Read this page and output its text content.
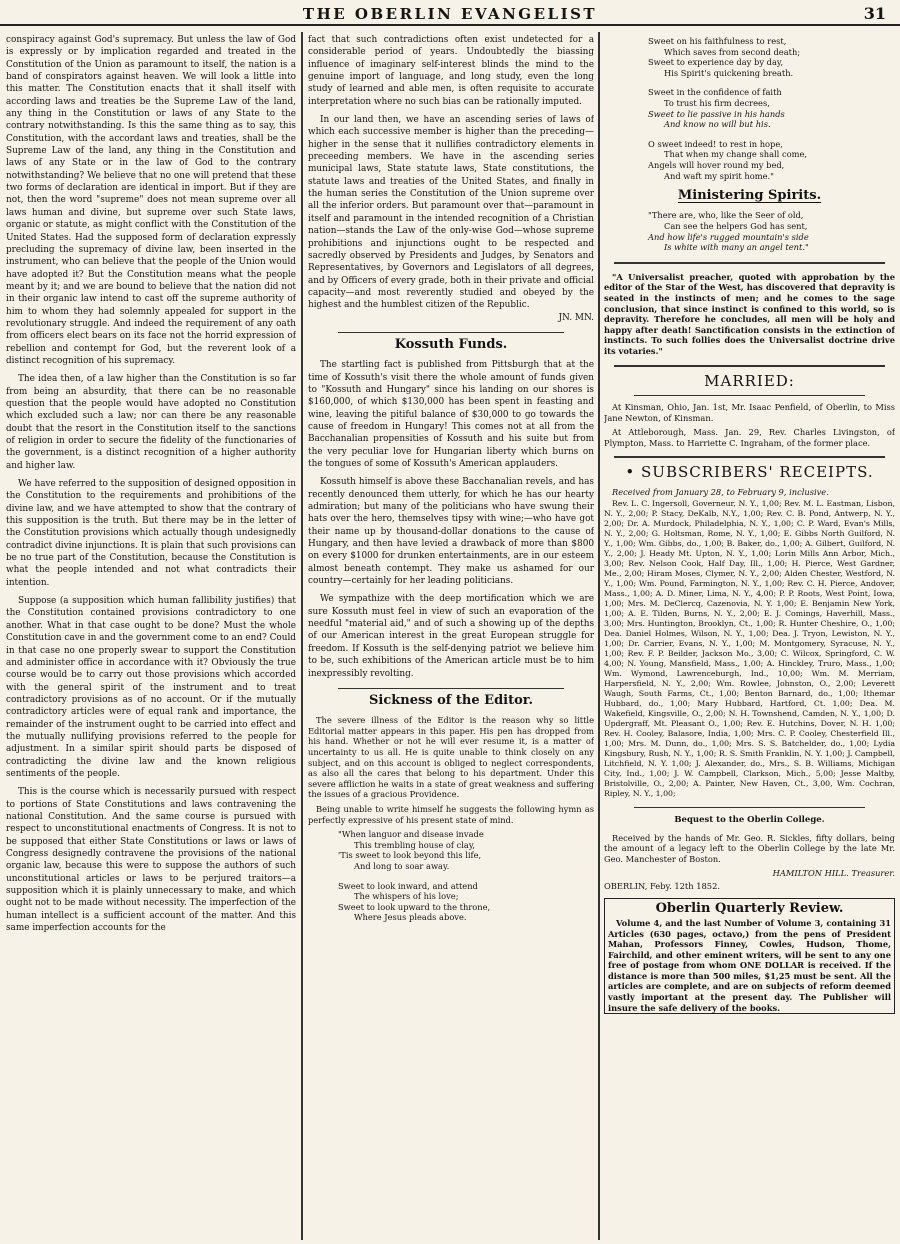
THE OBERLIN EVANGELIST	31

conspiracy against God's supremacy. But unless the law of God is expressly or by implication regarded and treated in the Constitution of the Union as paramount to itself, the nation is a band of conspirators against heaven. We will look a little into this matter. The Constitution enacts that it shall itself with according laws and treaties be the Supreme Law of the land, any thing in the Constitution or laws of any State to the contrary notwithstanding. Is this the same thing as to say, this Constitution, with the accordant laws and treaties, shall be the Supreme Law of the land, any thing in the Constitution and laws of any State or in the law of God to the contrary notwithstanding? We believe that no one will pretend that these two forms of declaration are identical in import. But if they are not, then the word "supreme" does not mean supreme over all laws human and divine, but supreme over such State laws, organic or statute, as might conflict with the Constitution of the United States. Had the supposed form of declaration expressly precluding the supremacy of divine law, been inserted in the instrument, who can believe that the people of the Union would have adopted it? But the Constitution means what the people meant by it; and we are bound to believe that the nation did not in their organic law intend to cast off the supreme authority of him to whom they had solemnly appealed for support in the revolutionary struggle. And indeed the requirement of any oath from officers elect bears on its face not the horrid expression of rebellion and contempt for God, but the reverent look of a distinct recognition of his supremacy.

The idea then, of a law higher than the Constitution is so far from being an absurdity, that there can be no reasonable question that the people would have adopted no Constitution which excluded such a law; nor can there be any reasonable doubt that the resort in the Constitution itself to the sanctions of religion in order to secure the fidelity of the functionaries of the government, is a distinct recognition of a higher authority and higher law.

We have referred to the supposition of designed opposition in the Constitution to the requirements and prohibitions of the divine law, and we have attempted to show that the contrary of this supposition is the truth. But there may be in the letter of the Constitution provisions which actually though undesignedly contradict divine injunctions. It is plain that such provisions can be no true part of the Constitution, because the Constitution is what the people intended and not what contradicts their intention.

Suppose (a supposition which human fallibility justifies) that the Constitution contained provisions contradictory to one another. What in that case ought to be done? Must the whole Constitution cave in and the government come to an end? Could in that case no one properly swear to support the Constitution and administer office in accordance with it? Obviously the true course would be to carry out those provisions which accorded with the general spirit of the instrument and to treat contradictory provisions as of no account. Or if the mutually contradictory articles were of equal rank and importance, the remainder of the instrument ought to be carried into effect and the mutually nullifying provisions referred to the people for adjustment. In a similar spirit should parts be disposed of contradicting the divine law and the known religious sentiments of the people.

This is the course which is necessarily pursued with respect to portions of State Constitutions and laws contravening the national Constitution. And the same course is pursued with respect to unconstitutional enactments of Congress. It is not to be supposed that either State Constitutions or laws or laws of Congress designedly contravene the provisions of the national organic law, because this were to suppose the authors of such unconstitutional articles or laws to be perjured traitors—a supposition which it is plainly unnecessary to make, and which ought not to be made without necessity. The imperfection of the human intellect is a sufficient account of the matter. And this same imperfection accounts for the

fact that such contradictions often exist undetected for a considerable period of years. Undoubtedly the biassing influence of imaginary self-interest blinds the mind to the genuine import of language, and long study, even the long study of learned and able men, is often requisite to accurate interpretation where no such bias can be rationally imputed.

In our land then, we have an ascending series of laws of which each successive member is higher than the preceding—higher in the sense that it nullifies contradictory elements in preceeding members. We have in the ascending series municipal laws, State statute laws, State constitutions, the statute laws and treaties of the United States, and finally in the human series the Constitution of the Union supreme over all the inferior orders. But paramount over that—paramount in itself and paramount in the intended recognition of a Christian nation—stands the Law of the only-wise God—whose supreme prohibitions and injunctions ought to be respected and sacredly observed by Presidents and Judges, by Senators and Representatives, by Governors and Legislators of all degrees, and by Officers of every grade, both in their private and official capacity—and most reverently studied and obeyed by the highest and the humblest citizen of the Republic.

JN. MN.
Kossuth Funds.

The startling fact is published from Pittsburgh that at the time of Kossuth's visit there the whole amount of funds given to "Kossuth and Hungary" since his landing on our shores is $160,000, of which $130,000 has been spent in feasting and wine, leaving the pitiful balance of $30,000 to go towards the cause of freedom in Hungary! This comes not at all from the Bacchanalian propensities of Kossuth and his suite but from the very peculiar love for Hungarian liberty which burns on the tongues of some of Kossuth's American applauders.

Kossuth himself is above these Bacchanalian revels, and has recently denounced them utterly, for which he has our hearty admiration; but many of the politicians who have swung their hats over the hero, themselves tipsy with wine;—who have got their name up by thousand-dollar donations to the cause of Hungary, and then have levied a drawback of more than $800 on every $1000 for drunken entertainments, are in our esteem almost beneath contempt. They make us ashamed for our country—certainly for her leading politicians.

We sympathize with the deep mortification which we are sure Kossuth must feel in view of such an evaporation of the needful "material aid," and of such a showing up of the depths of our American interest in the great European struggle for freedom. If Kossuth is the self-denying patriot we believe him to be, such exhibitions of the American article must be to him inexpressibly revolting.

Sickness of the Editor.

The severe illness of the Editor is the reason why so little Editorial matter appears in this paper. His pen has dropped from his hand. Whether or not he will ever resume it, is a matter of uncertainty to us all. He is quite unable to think closely on any subject, and on this account is obliged to neglect correspondents, as also all the cares that belong to his department. Under this severe affliction he waits in a state of great weakness and suffering the issues of a gracious Providence.

Being unable to write himself he suggests the following hymn as perfectly expressive of his present state of mind.

"When languor and disease invade
This trembling house of clay,
'Tis sweet to look beyond this life,
And long to soar away.
Sweet to look inward, and attend
The whispers of his love;
Sweet to look upward to the throne,
Where Jesus pleads above.
Sweet on his faithfulness to rest,
Which saves from second death;
Sweet to experience day by day,
His Spirit's quickening breath.
Sweet in the confidence of faith
To trust his firm decrees,
Sweet to lie passive in his hands
And know no will but his.
O sweet indeed! to rest in hope,
That when my change shall come,
Angels will hover round my bed,
And waft my spirit home."
Ministering Spirits.
"There are, who, like the Seer of old,
Can see the helpers God has sent,
And how life's rugged mountain's side
Is white with many an angel tent."

"A Universalist preacher, quoted with approbation by the editor of the Star of the West, has discovered that depravity is seated in the instincts of men; and he comes to the sage conclusion, that since instinct is confined to this world, so is depravity. Therefore he concludes, all men will be holy and happy after death! Sanctification consists in the extinction of instincts. To such follies does the Universalist doctrine drive its votaries."

MARRIED:

At Kinsman, Ohio, Jan. 1st, Mr. Isaac Penfield, of Oberlin, to Miss Jane Newton, of Kinsman.

At Attleborough, Mass. Jan. 29, Rev. Charles Livingston, of Plympton, Mass. to Harriette C. Ingraham, of the former place.

• SUBSCRIBERS' RECEIPTS.
Received from January 28, to February 9, inclusive.

Rev. L. C. Ingersoll, Governeur, N. Y., 1,00; Rev. M. L. Eastman, Lisbon, N. Y., 2,00; P. Stacy, DeKalb, N.Y., 1,00; Rev. C. B. Pond, Antwerp, N. Y., 2,00; Dr. A. Murdock, Philadelphia, N. Y., 1,00; C. P. Ward, Evan's Mills, N. Y., 2,00; G. Holtsman, Rome, N. Y., 1,00; E. Gibbs North Guilford, N. Y., 1,00; Wm. Gibbs, do., 1,00; B. Baker, do., 1,00; A. Gilbert, Guilford, N. Y., 2,00; J. Heady Mt. Upton, N. Y., 1,00; Lorin Mills Ann Arbor, Mich., 3,00; Rev. Nelson Cook, Half Day, Ill., 1,00; H. Pierce, West Gardner, Me., 2,00; Hiram Moses, Clymer, N. Y., 2,00; Alden Chester, Westford, N. Y., 1,00; Wm. Pound, Farmington, N. Y., 1,00; Rev. C. H. Pierce, Andover, Mass., 1,00; A. D. Miner, Lima, N. Y., 4,00; P. P. Roots, West Point, Iowa, 1,00; Mrs. M. DeClercq, Cazenovia, N. Y. 1,00; E. Benjamin New York, 1,00; A. E. Tilden, Burns, N. Y., 2,00; E. J. Comings, Haverhill, Mass., 3,00; Mrs. Huntington, Brooklyn, Ct., 1,00; R. Hunter Cheshire, O., 1,00; Dea. Daniel Holmes, Wilson, N. Y., 1,00; Dea. J. Tryon, Lewiston, N. Y., 1,00; Dr. Carrier, Evans, N. Y., 1,00; M. Montgomery, Syracuse, N. Y., 1,00; Rev. F. P. Beilder, Jackson Mo., 3,00; C. Wilcox, Springford, C. W. 4,00; N. Young, Mansfield, Mass., 1,00; A. Hinckley, Truro, Mass., 1,00; Wm. Wymond, Lawrenceburgh, Ind., 10,00; Wm. M. Merriam, Harpersfield, N. Y., 2,00; Wm. Rowlee, Johnston, O., 2,00; Leverett Waugh, South Farms, Ct., 1,00; Benton Barnard, do., 1,00; Ithemar Hubbard, do., 1,00; Mary Hubbard, Hartford, Ct. 1,00; Dea. M. Wakefield, Kingsville, O., 2,00; N. H. Townshend, Camden, N. Y., 1,00; D. Updergraff, Mt. Pleasant O., 1,00; Rev. E. Hutchins, Dover, N. H. 1,00; Rev. H. Cooley, Balasore, India, 1,00; Mrs. C. P. Cooley, Chesterfield Ill., 1,00; Mrs. M. Dunn, do., 1,00; Mrs. S. S. Batchelder, do., 1,00; Lydia Kingsbury, Rush, N. Y., 1,00; R. S. Smith Franklin, N. Y. 1,00; J. Campbell, Litchfield, N. Y. 1,00; J. Alexander, do., Mrs., S. B. Williams, Michigan City, Ind., 1,00; J. W. Campbell, Clarkson, Mich., 5,00; Jesse Maltby, Bristolville, O., 2,00; A. Painter, New Haven, Ct., 3,00, Wm. Cochran, Ripley, N. Y., 1,00;

Bequest to the Oberlin College.

Received by the hands of Mr. Geo. R. Sickles, fifty dollars, being the amount of a legacy left to the Oberlin College by the late Mr. Geo. Manchester of Boston.

HAMILTON HILL. Treasurer.
OBERLIN, Feby. 12th 1852.
Oberlin Quarterly Review.

Volume 4, and the last Number of Volume 3, containing 31 Articles (630 pages, octavo,) from the pens of President Mahan, Professors Finney, Cowles, Hudson, Thome, Fairchild, and other eminent writers, will be sent to any one free of postage from whom ONE DOLLAR is received. If the distance is more than 500 miles, $1,25 must be sent. All the articles are complete, and are on subjects of reform deemed vastly important at the present day. The Publisher will insure the safe delivery of the books.
